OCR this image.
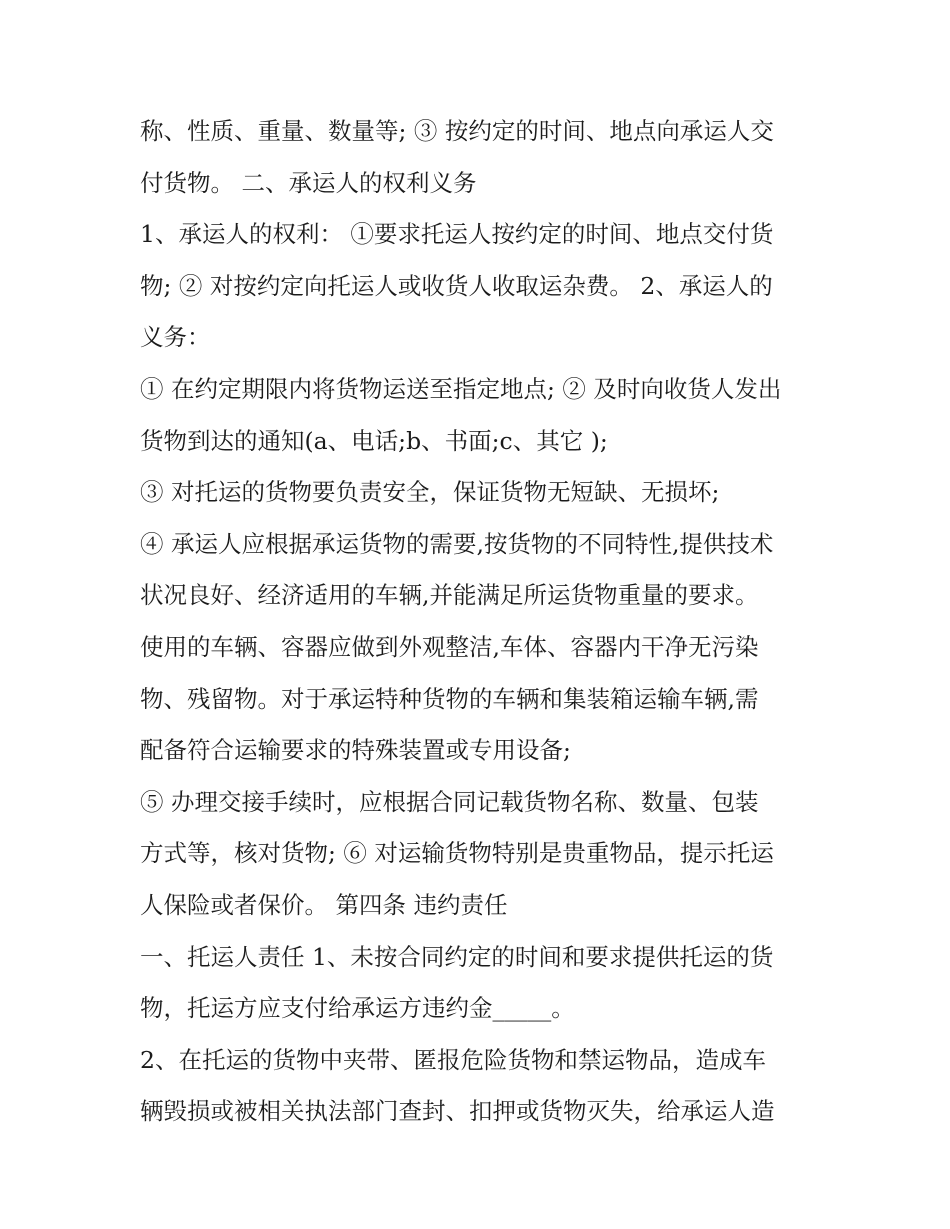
称、性质、重量、数量等; ③ 按约定的时间、地点向承运人交
付货物。 二、承运人的权利义务
1、承运人的权利： ①要求托运人按约定的时间、地点交付货
物; ② 对按约定向托运人或收货人收取运杂费。 2、承运人的
义务：
① 在约定期限内将货物运送至指定地点; ② 及时向收货人发出
货物到达的通知(a、电话;b、书面;c、其它 );
③ 对托运的货物要负责安全，保证货物无短缺、无损坏;
④ 承运人应根据承运货物的需要,按货物的不同特性,提供技术
状况良好、经济适用的车辆,并能满足所运货物重量的要求。
使用的车辆、容器应做到外观整洁,车体、容器内干净无污染
物、残留物。对于承运特种货物的车辆和集装箱运输车辆,需
配备符合运输要求的特殊装置或专用设备;
⑤ 办理交接手续时，应根据合同记载货物名称、数量、包装
方式等，核对货物; ⑥ 对运输货物特别是贵重物品，提示托运
人保险或者保价。 第四条 违约责任
一、托运人责任 1、未按合同约定的时间和要求提供托运的货
物，托运方应支付给承运方违约金_____。
2、在托运的货物中夹带、匿报危险货物和禁运物品，造成车
辆毁损或被相关执法部门查封、扣押或货物灭失，给承运人造
